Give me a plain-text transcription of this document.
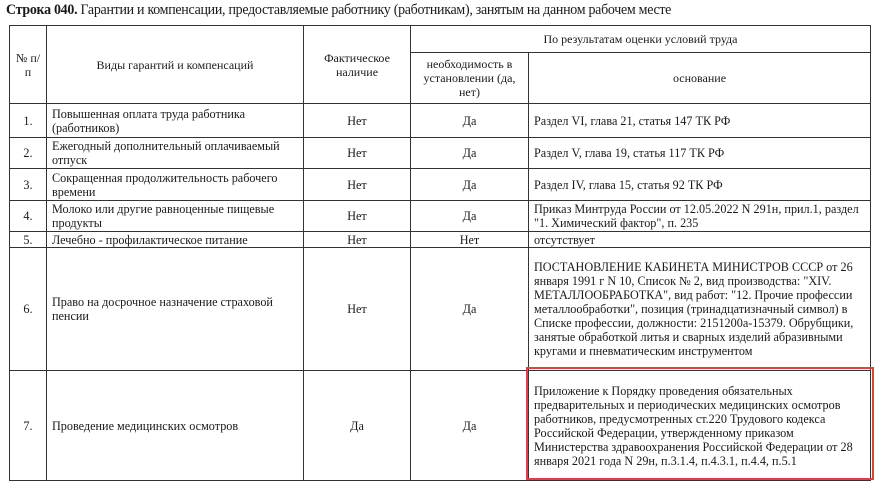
Строка 040. Гарантии и компенсации, предоставляемые работнику (работникам), занятым на данном рабочем месте
№ п/п	Виды гарантий и компенсаций	Фактическое наличие	По результатам оценки условий труда	
			необходимость в установлении (да, нет)	основание
1.	Повышенная оплата труда работника (работников)	Нет	Да	Раздел VI, глава 21, статья 147 ТК РФ
2.	Ежегодный дополнительный оплачиваемый отпуск	Нет	Да	Раздел V, глава 19, статья 117 ТК РФ
3.	Сокращенная продолжительность рабочего времени	Нет	Да	Раздел IV, глава 15, статья 92 ТК РФ
4.	Молоко или другие равноценные пищевые продукты	Нет	Да	Приказ Минтруда России от 12.05.2022 N 291н, прил.1, раздел "1. Химический фактор", п. 235
5.	Лечебно - профилактическое питание	Нет	Нет	отсутствует
6.	Право на досрочное назначение страховой пенсии	Нет	Да	ПОСТАНОВЛЕНИЕ КАБИНЕТА МИНИСТРОВ СССР от 26 января 1991 г N 10, Список № 2, вид производства: "XIV. МЕТАЛЛООБРАБОТКА", вид работ: "12. Прочие профессии металлообработки", позиция (тринадцатизначный символ) в Списке профессии, должности: 2151200а-15379. Обрубщики, занятые обработкой литья и сварных изделий абразивными кругами и пневматическим инструментом
7.	Проведение медицинских осмотров	Да	Да	Приложение к Порядку проведения обязательных предварительных и периодических медицинских осмотров работников, предусмотренных ст.220 Трудового кодекса Российской Федерации, утвержденному приказом Министерства здравоохранения Российской Федерации от 28 января 2021 года N 29н, п.3.1.4, п.4.3.1, п.4.4, п.5.1
